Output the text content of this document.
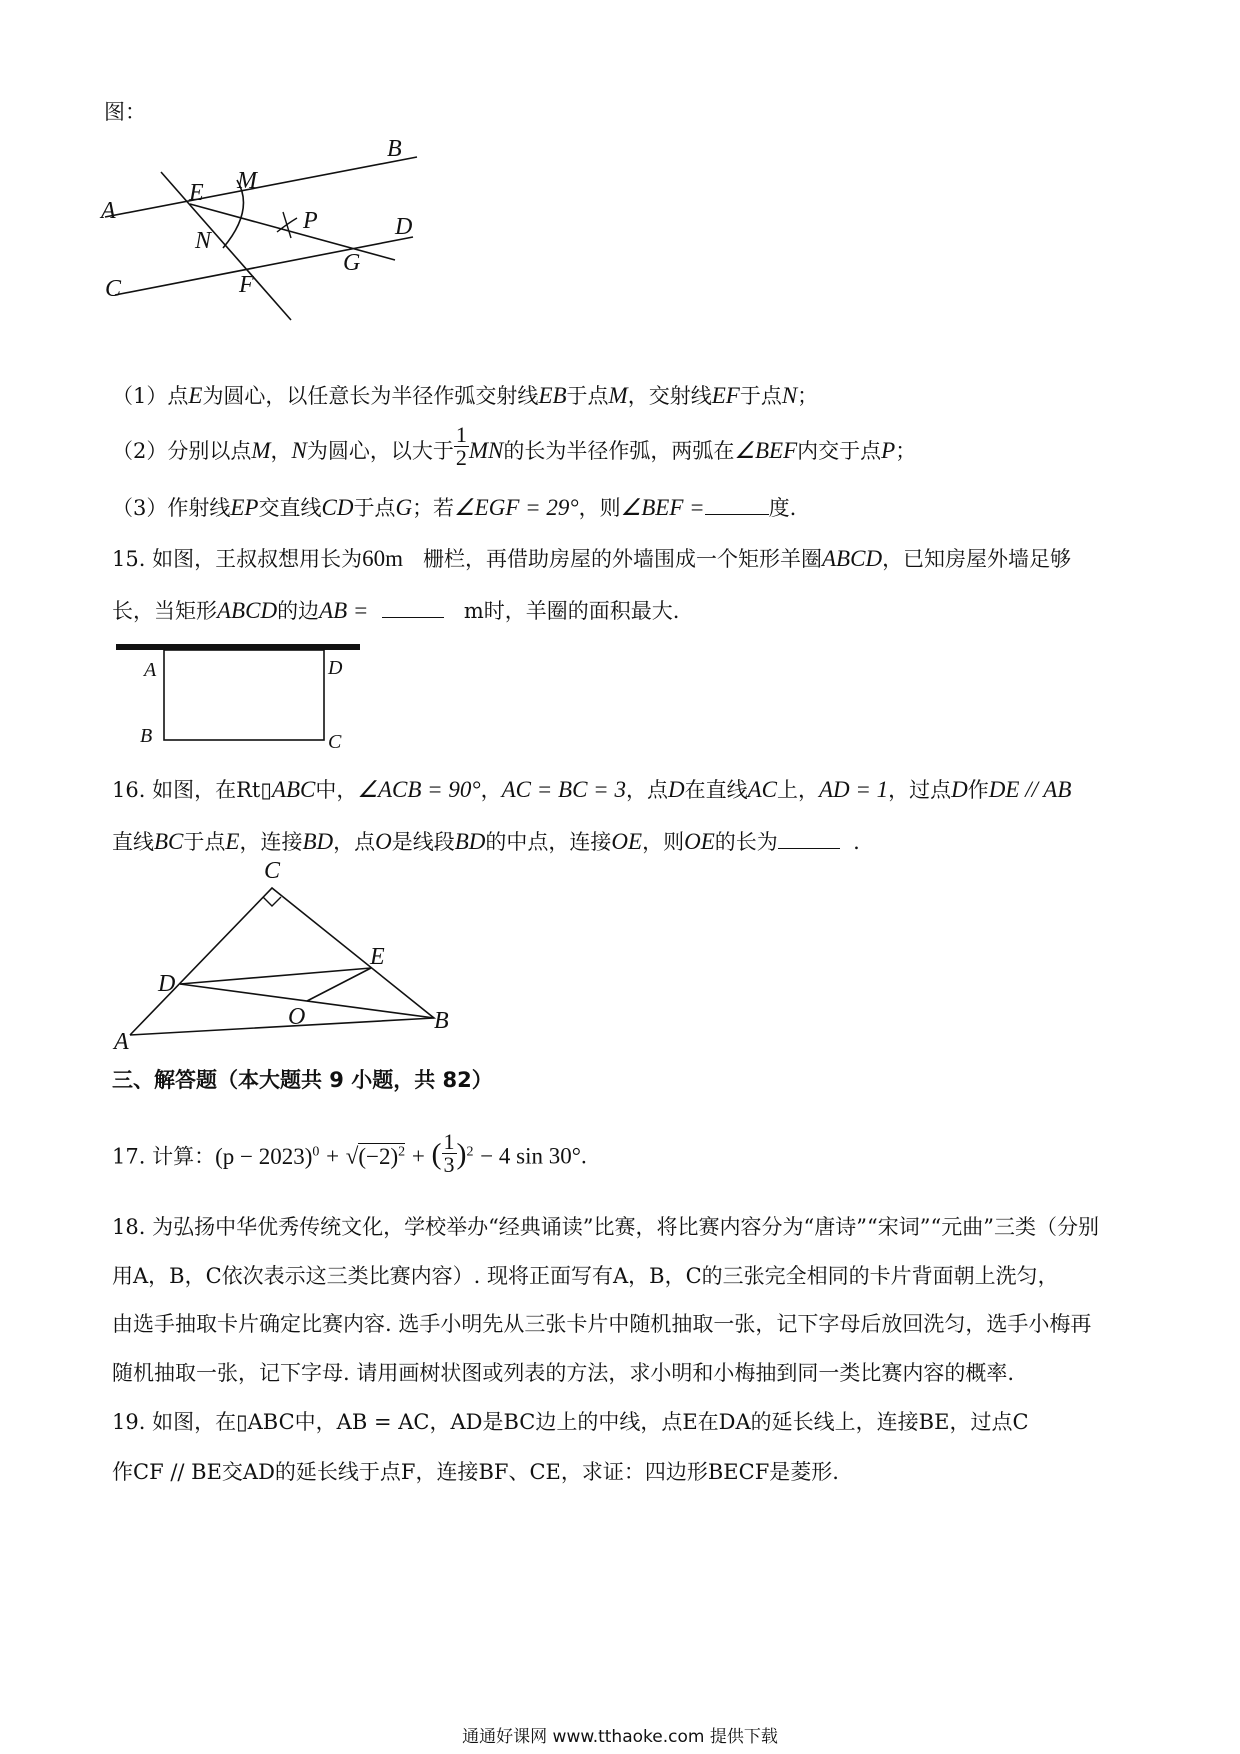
图：
A
B
C
D
E
F
G
M
N
P
（1）点E为圆心，以任意长为半径作弧交射线EB于点M，交射线EF于点N；
（2）分别以点M，N为圆心，以大于 $\frac{1}{2}$ MN的长为半径作弧，两弧在∠BEF内交于点P；
（3）作射线EP交直线CD于点G；若∠EGF = 29°，则∠BEF =	度.
15. 如图，王叔叔想用长为60m 栅栏，再借助房屋的外墙围成一个矩形羊圈ABCD，已知房屋外墙足够
长，当矩形ABCD的边AB =	m时，羊圈的面积最大.
A	D
B	C
16. 如图，在Rt▯ABC中，∠ACB = 90°，AC = BC = 3，点D在直线AC上，AD = 1，过点D作DE // AB
直线BC于点E，连接BD，点O是线段BD的中点，连接OE，则OE的长为	.
C
D
E
O
A
B
三、解答题（本大题共 9 小题，共 82）
17. 计算：$(p - 2023)^0 + √(-2)^2$ + ( $\frac{1}{3} )^2 - 4$ sin 30°.
18. 为弘扬中华优秀传统文化，学校举办“经典诵读”比赛，将比赛内容分为“唐诗”“宋词”“元曲”三类（分别
用A，B，C依次表示这三类比赛内容）. 现将正面写有A，B，C的三张完全相同的卡片背面朝上洗匀，
由选手抽取卡片确定比赛内容. 选手小明先从三张卡片中随机抽取一张，记下字母后放回洗匀，选手小梅再
随机抽取一张，记下字母. 请用画树状图或列表的方法，求小明和小梅抽到同一类比赛内容的概率.
19. 如图，在▯ABC中，AB = AC，AD是BC边上的中线，点E在DA的延长线上，连接BE，过点C
作CF // BE交AD的延长线于点F，连接BF、CE，求证：四边形BECF是菱形.
通通好课网 www.tthaoke.com 提供下载
